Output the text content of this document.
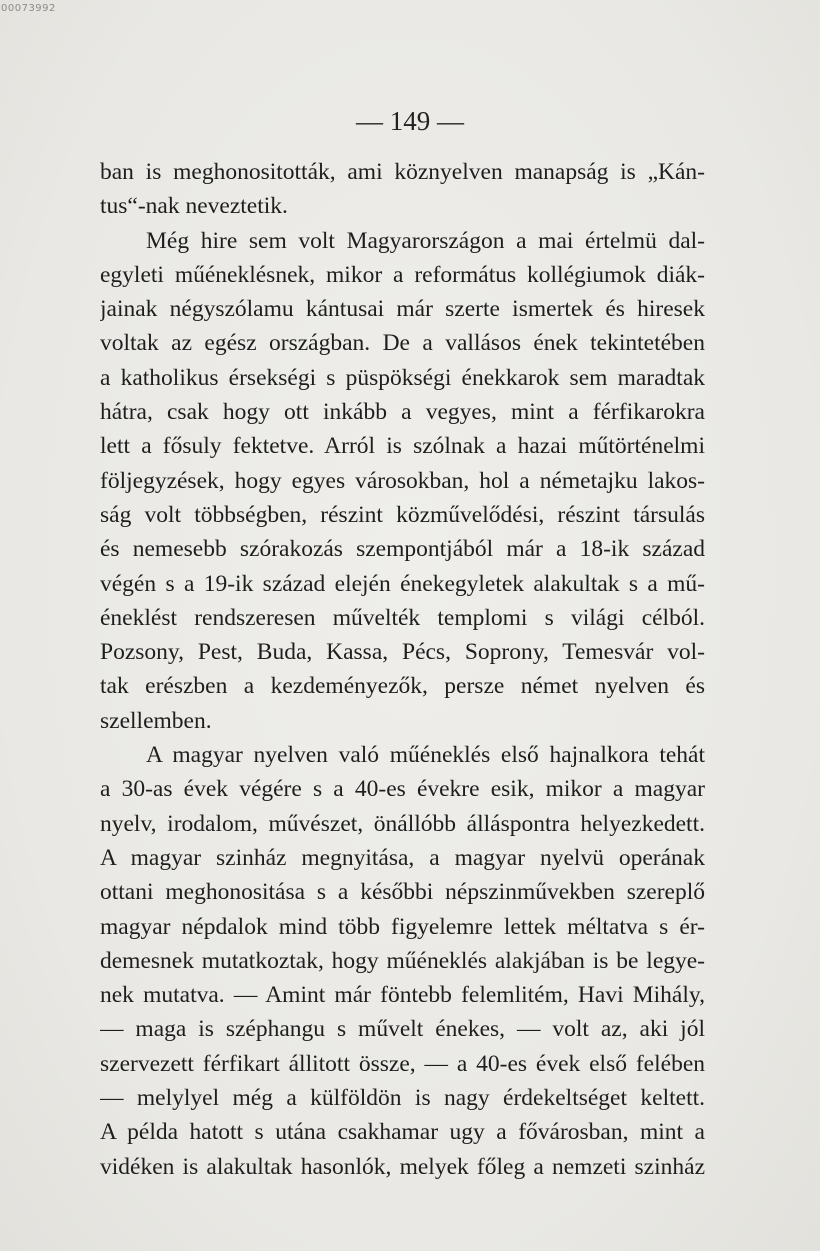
00073992
— 149 —
ban is meghonositották, ami köznyelven manapság is „Kán-
tus“-nak neveztetik.
Még hire sem volt Magyarországon a mai értelmü dal-
egyleti műéneklésnek, mikor a református kollégiumok diák-
jainak négyszólamu kántusai már szerte ismertek és hiresek
voltak az egész országban. De a vallásos ének tekintetében
a katholikus érsekségi s püspökségi énekkarok sem maradtak
hátra, csak hogy ott inkább a vegyes, mint a férfikarokra
lett a fősuly fektetve. Arról is szólnak a hazai műtörténelmi
följegyzések, hogy egyes városokban, hol a németajku lakos-
ság volt többségben, részint közművelődési, részint társulás
és nemesebb szórakozás szempontjából már a 18-ik század
végén s a 19-ik század elején énekegyletek alakultak s a mű-
éneklést rendszeresen művelték templomi s világi célból.
Pozsony, Pest, Buda, Kassa, Pécs, Soprony, Temesvár vol-
tak erészben a kezdeményezők, persze német nyelven és
szellemben.
A magyar nyelven való műéneklés első hajnalkora tehát
a 30-as évek végére s a 40-es évekre esik, mikor a magyar
nyelv, irodalom, művészet, önállóbb álláspontra helyezkedett.
A magyar szinház megnyitása, a magyar nyelvü operának
ottani meghonositása s a későbbi népszinművekben szereplő
magyar népdalok mind több figyelemre lettek méltatva s ér-
demesnek mutatkoztak, hogy műéneklés alakjában is be legye-
nek mutatva. — Amint már föntebb felemlitém, Havi Mihály,
— maga is széphangu s művelt énekes, — volt az, aki jól
szervezett férfikart állitott össze, — a 40-es évek első felében
— melylyel még a külföldön is nagy érdekeltséget keltett.
A példa hatott s utána csakhamar ugy a fővárosban, mint a
vidéken is alakultak hasonlók, melyek főleg a nemzeti szinház
